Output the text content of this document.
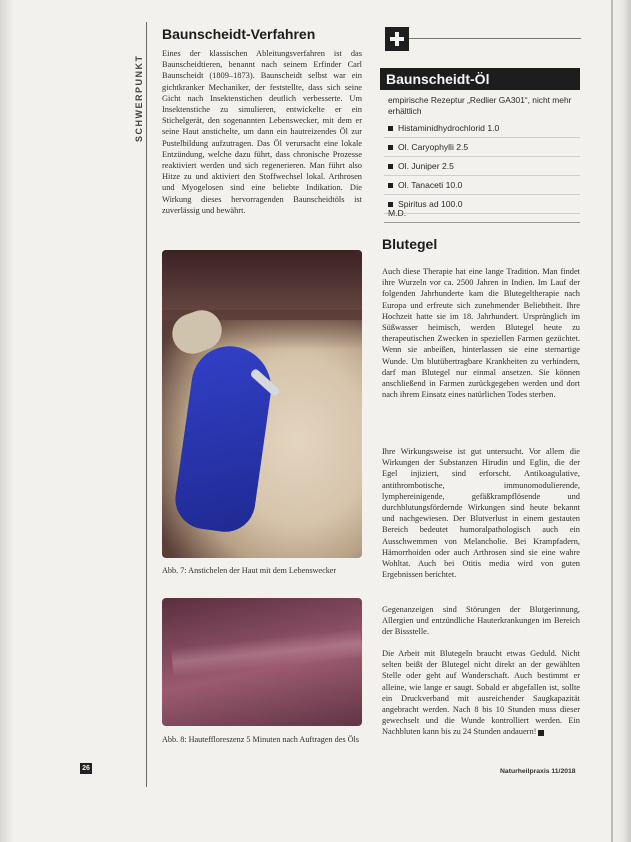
SCHWERPUNKT
Baunscheidt-Verfahren

Eines der klassischen Ableitungsverfahren ist das Baunscheidtieren, benannt nach seinem Erfinder Carl Baunscheidt (1809–1873). Baunscheidt selbst war ein gichtkranker Mechaniker, der feststellte, dass sich seine Gicht nach Insektenstichen deutlich verbesserte. Um Insektenstiche zu simulieren, entwickelte er ein Stichelgerät, den sogenannten Lebenswecker, mit dem er seine Haut anstichelte, um dann ein hautreizendes Öl zur Pustelbildung aufzutragen. Das Öl verursacht eine lokale Entzündung, welche dazu führt, dass chronische Prozesse reaktiviert werden und sich regenerieren. Man führt also Hitze zu und aktiviert den Stoffwechsel lokal. Arthrosen und Myogelosen sind eine beliebte Indikation. Die Wirkung dieses hervorragenden Baunscheidtöls ist zuverlässig und bewährt.

Abb. 7: Anstichelen der Haut mit dem Lebenswecker

Abb. 8: Hauteffloreszenz 5 Minuten nach Auftragen des Öls

26
Baunscheidt-Öl

empirische Rezeptur „Redlier GA301“, nicht mehr erhältlich

Histaminidhydrochlorid 1.0
Ol. Caryophylli 2.5
Ol. Juniper 2.5
Ol. Tanaceti 10.0
Spiritus ad 100.0
M.D.
Blutegel

Auch diese Therapie hat eine lange Tradition. Man findet ihre Wurzeln vor ca. 2500 Jahren in Indien. Im Lauf der folgenden Jahrhunderte kam die Blutegeltherapie nach Europa und erfreute sich zunehmender Beliebtheit. Ihre Hochzeit hatte sie im 18. Jahrhundert. Ursprünglich im Süßwasser heimisch, werden Blutegel heute zu therapeutischen Zwecken in speziellen Farmen gezüchtet. Wenn sie anbeißen, hinterlassen sie eine sternartige Wunde. Um blutübertragbare Krankheiten zu verhindern, darf man Blutegel nur einmal ansetzen. Sie können anschließend in Farmen zurückgegeben werden und dort nach ihrem Einsatz eines natürlichen Todes sterben.

Ihre Wirkungsweise ist gut untersucht. Vor allem die Wirkungen der Substanzen Hirudin und Eglin, die der Egel injiziert, sind erforscht. Antikoagulative, antithrombotische, immunomodulierende, lymphereinigende, gefäßkrampflösende und durchblutungsfördernde Wirkungen sind heute bekannt und nachgewiesen. Der Blutverlust in einem gestauten Bereich bedeutet humoralpathologisch auch ein Ausschwemmen von Melancholie. Bei Krampfadern, Hämorrhoiden oder auch Arthrosen sind sie eine wahre Wohltat. Auch bei Otitis media wird von guten Ergebnissen berichtet.

Gegenanzeigen sind Störungen der Blutgerinnung, Allergien und entzündliche Hauterkrankungen im Bereich der Bissstelle.

Die Arbeit mit Blutegeln braucht etwas Geduld. Nicht selten beißt der Blutegel nicht direkt an der gewählten Stelle oder geht auf Wanderschaft. Auch bestimmt er alleine, wie lange er saugt. Sobald er abgefallen ist, sollte ein Druckverband mit ausreichender Saugkapazität angebracht werden. Nach 8 bis 10 Stunden muss dieser gewechselt und die Wunde kontrolliert werden. Ein Nachbluten kann bis zu 24 Stunden andauern!

Naturheilpraxis 11/2018
